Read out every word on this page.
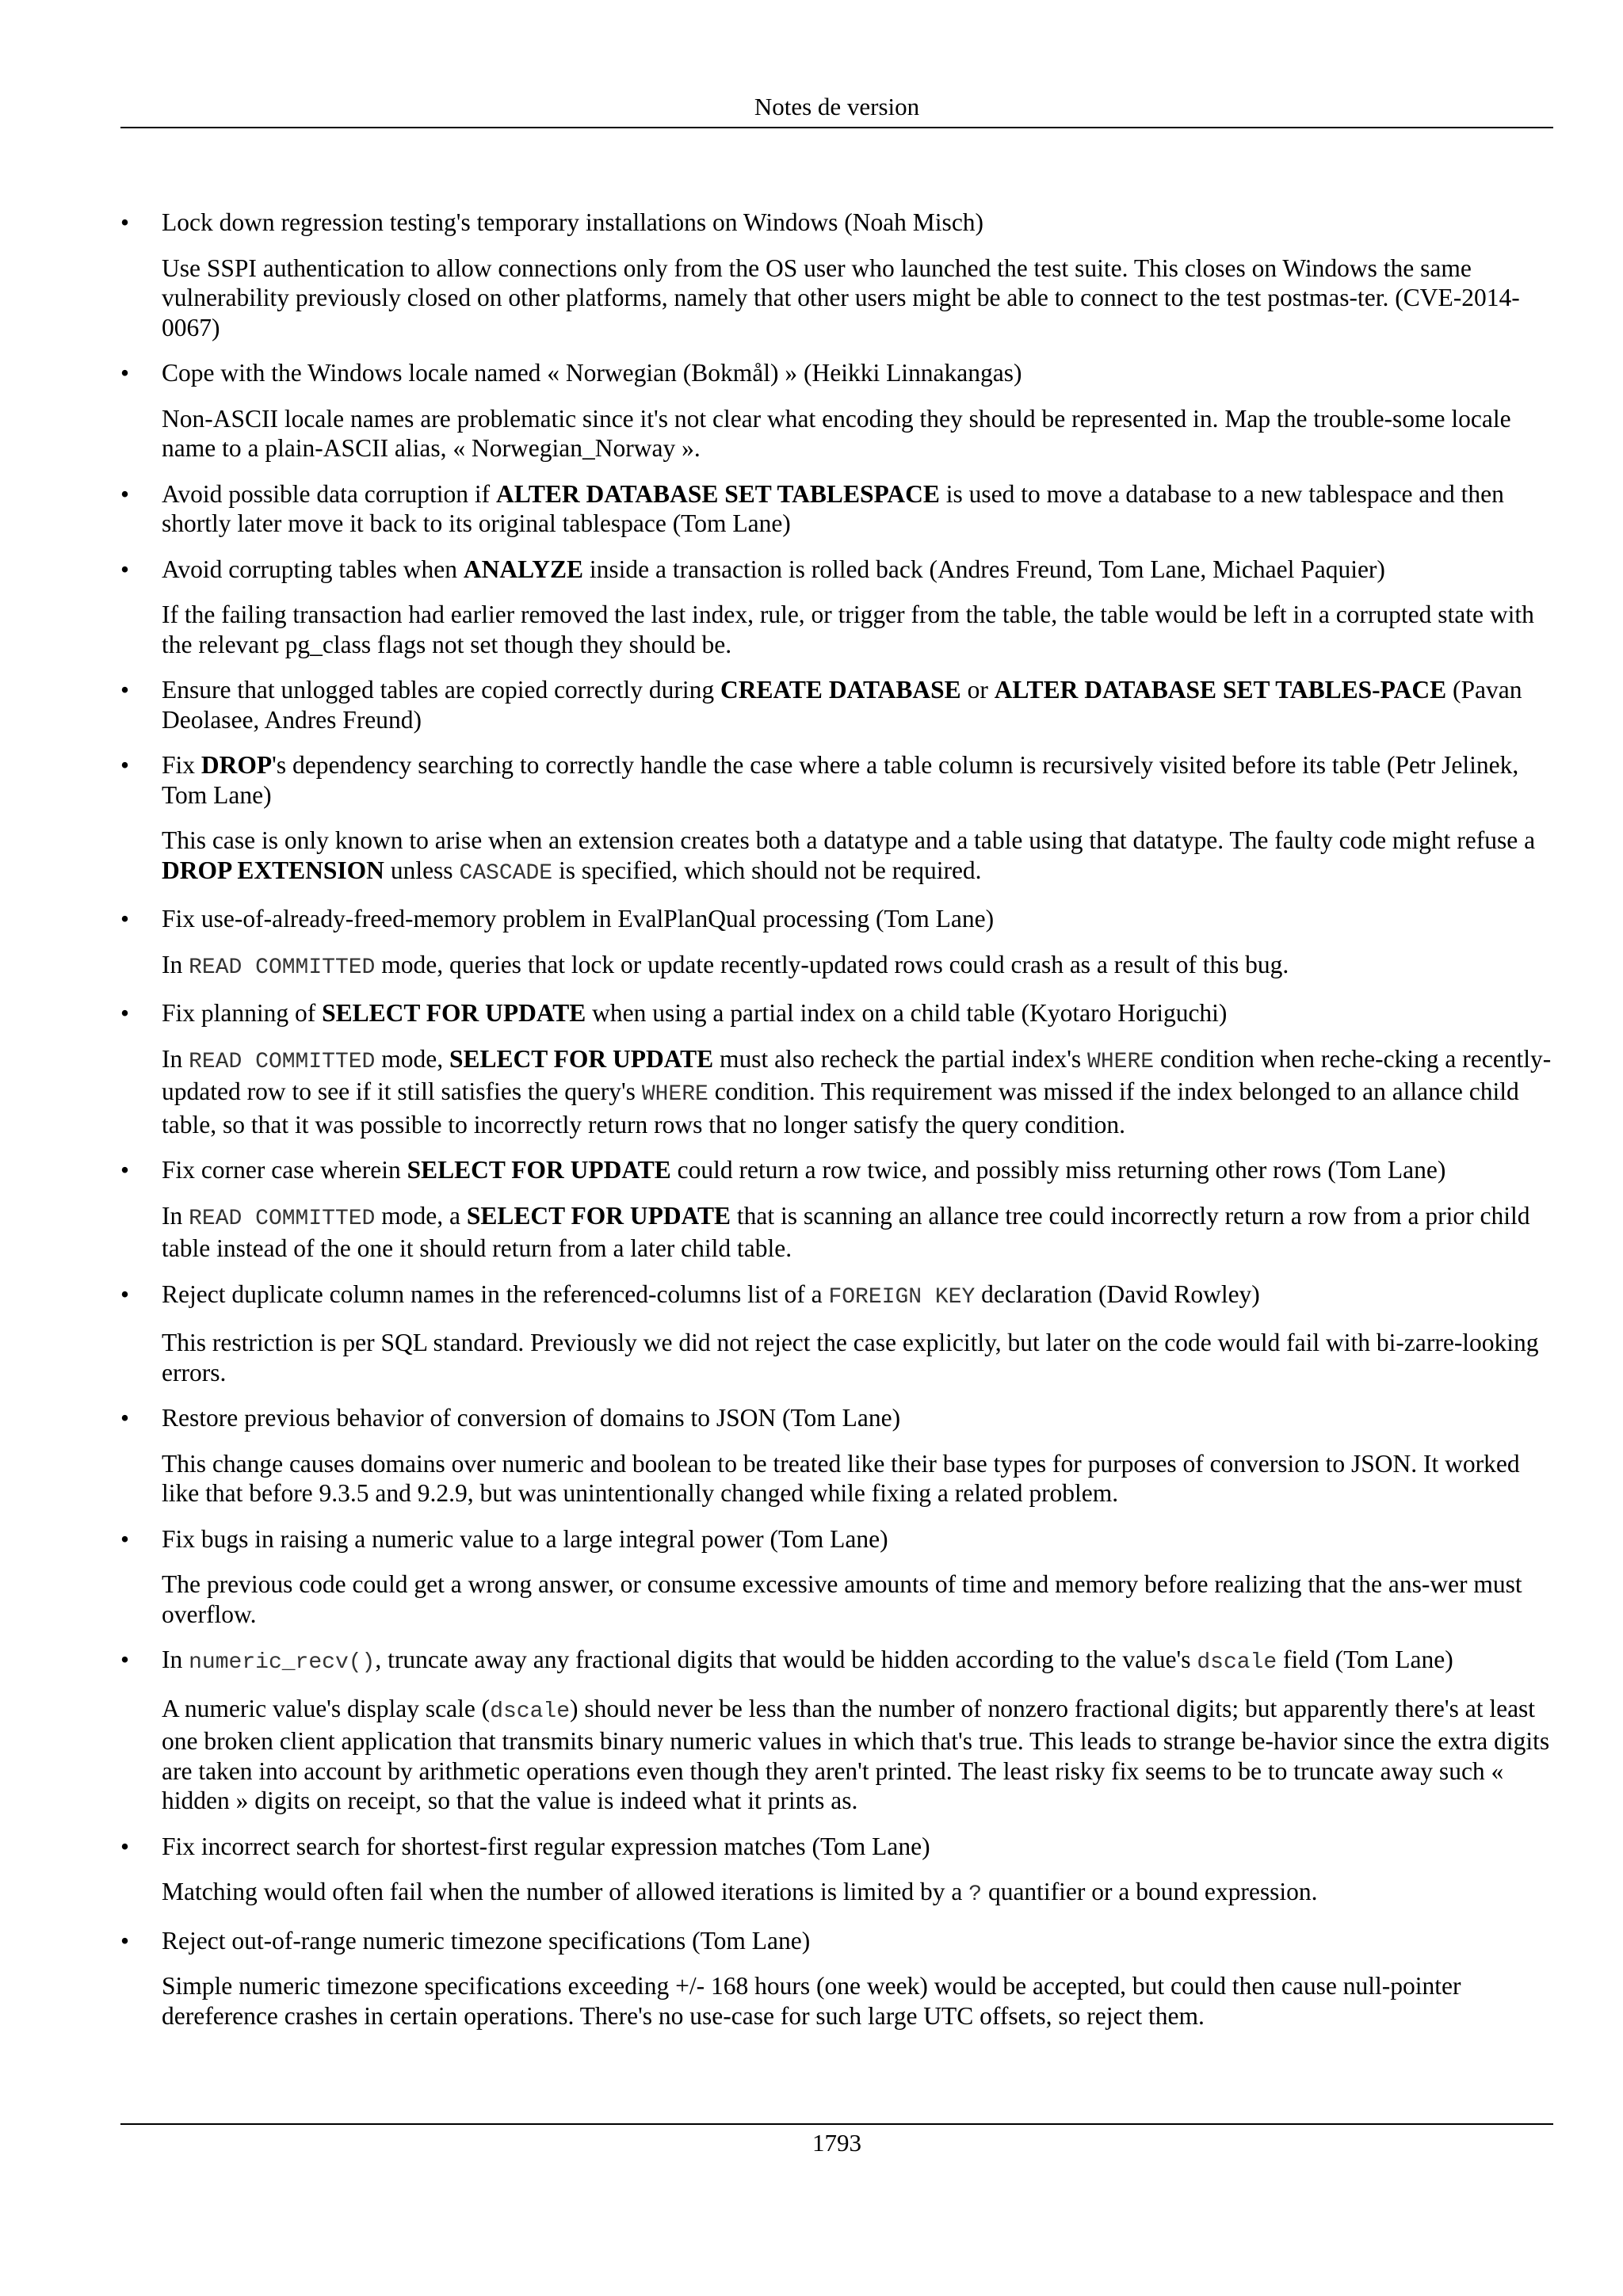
Notes de version
• Lock down regression testing's temporary installations on Windows (Noah Misch)

Use SSPI authentication to allow connections only from the OS user who launched the test suite. This closes on Windows the same vulnerability previously closed on other platforms, namely that other users might be able to connect to the test postmas-ter. (CVE-2014-0067)

• Cope with the Windows locale named « Norwegian (Bokmål) » (Heikki Linnakangas)

Non-ASCII locale names are problematic since it's not clear what encoding they should be represented in. Map the trouble-some locale name to a plain-ASCII alias, « Norwegian_Norway ».

• Avoid possible data corruption if ALTER DATABASE SET TABLESPACE is used to move a database to a new tablespace and then shortly later move it back to its original tablespace (Tom Lane)

• Avoid corrupting tables when ANALYZE inside a transaction is rolled back (Andres Freund, Tom Lane, Michael Paquier)

If the failing transaction had earlier removed the last index, rule, or trigger from the table, the table would be left in a corrupted state with the relevant pg_class flags not set though they should be.

• Ensure that unlogged tables are copied correctly during CREATE DATABASE or ALTER DATABASE SET TABLES-PACE (Pavan Deolasee, Andres Freund)

• Fix DROP's dependency searching to correctly handle the case where a table column is recursively visited before its table (Petr Jelinek, Tom Lane)

This case is only known to arise when an extension creates both a datatype and a table using that datatype. The faulty code might refuse a DROP EXTENSION unless CASCADE is specified, which should not be required.

• Fix use-of-already-freed-memory problem in EvalPlanQual processing (Tom Lane)

In READ COMMITTED mode, queries that lock or update recently-updated rows could crash as a result of this bug.

• Fix planning of SELECT FOR UPDATE when using a partial index on a child table (Kyotaro Horiguchi)

In READ COMMITTED mode, SELECT FOR UPDATE must also recheck the partial index's WHERE condition when reche-cking a recently-updated row to see if it still satisfies the query's WHERE condition. This requirement was missed if the index belonged to an allance child table, so that it was possible to incorrectly return rows that no longer satisfy the query condition.

• Fix corner case wherein SELECT FOR UPDATE could return a row twice, and possibly miss returning other rows (Tom Lane)

In READ COMMITTED mode, a SELECT FOR UPDATE that is scanning an allance tree could incorrectly return a row from a prior child table instead of the one it should return from a later child table.

• Reject duplicate column names in the referenced-columns list of a FOREIGN KEY declaration (David Rowley)

This restriction is per SQL standard. Previously we did not reject the case explicitly, but later on the code would fail with bi-zarre-looking errors.

• Restore previous behavior of conversion of domains to JSON (Tom Lane)

This change causes domains over numeric and boolean to be treated like their base types for purposes of conversion to JSON. It worked like that before 9.3.5 and 9.2.9, but was unintentionally changed while fixing a related problem.

• Fix bugs in raising a numeric value to a large integral power (Tom Lane)

The previous code could get a wrong answer, or consume excessive amounts of time and memory before realizing that the ans-wer must overflow.

• In numeric_recv(), truncate away any fractional digits that would be hidden according to the value's dscale field (Tom Lane)

A numeric value's display scale (dscale) should never be less than the number of nonzero fractional digits; but apparently there's at least one broken client application that transmits binary numeric values in which that's true. This leads to strange be-havior since the extra digits are taken into account by arithmetic operations even though they aren't printed. The least risky fix seems to be to truncate away such « hidden » digits on receipt, so that the value is indeed what it prints as.

• Fix incorrect search for shortest-first regular expression matches (Tom Lane)

Matching would often fail when the number of allowed iterations is limited by a ? quantifier or a bound expression.

• Reject out-of-range numeric timezone specifications (Tom Lane)

Simple numeric timezone specifications exceeding +/- 168 hours (one week) would be accepted, but could then cause null-pointer dereference crashes in certain operations. There's no use-case for such large UTC offsets, so reject them.

1793
